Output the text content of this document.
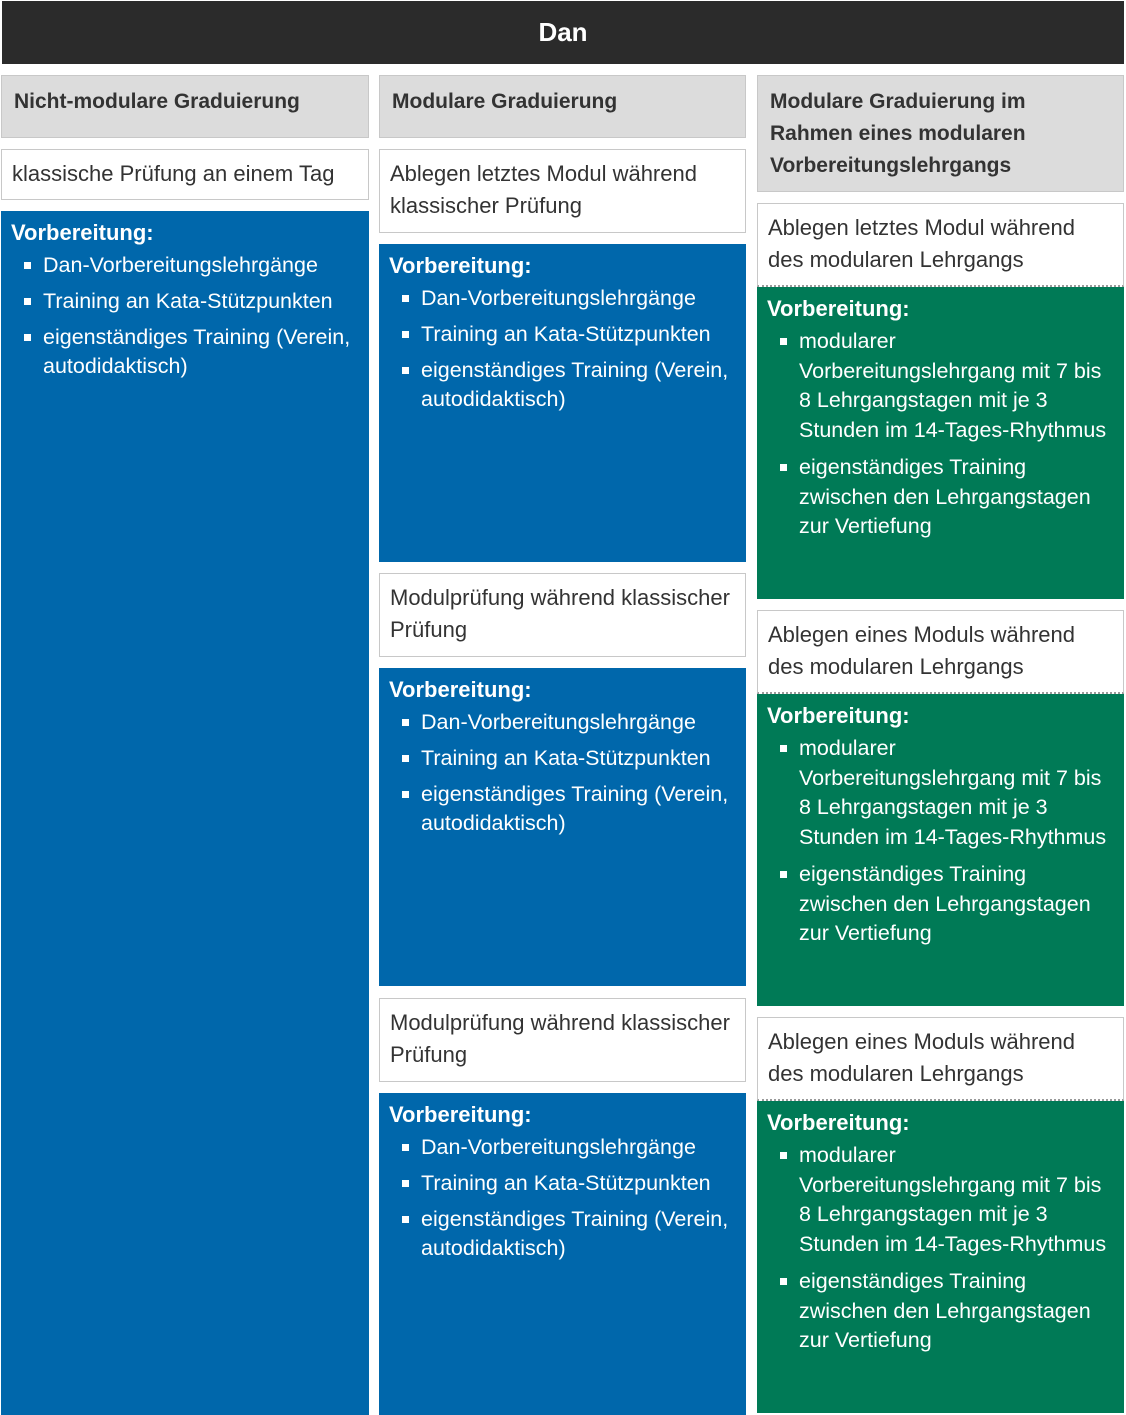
Dan
Nicht-modulare Graduierung
klassische Prüfung an einem Tag
Vorbereitung:
Dan-Vorbereitungslehrgänge
Training an Kata-Stützpunkten
eigenständiges Training (Verein, autodidaktisch)
Modulare Graduierung
Ablegen letztes Modul während klassischer Prüfung
Vorbereitung:
Dan-Vorbereitungslehrgänge
Training an Kata-Stützpunkten
eigenständiges Training (Verein, autodidaktisch)
Modulprüfung während klassischer Prüfung
Vorbereitung:
Dan-Vorbereitungslehrgänge
Training an Kata-Stützpunkten
eigenständiges Training (Verein, autodidaktisch)
Modulprüfung während klassischer Prüfung
Vorbereitung:
Dan-Vorbereitungslehrgänge
Training an Kata-Stützpunkten
eigenständiges Training (Verein, autodidaktisch)
Modulare Graduierung im Rahmen eines modularen Vorbereitungslehrgangs
Ablegen letztes Modul während des modularen Lehrgangs
Vorbereitung:
modularer Vorbereitungslehrgang mit 7 bis 8 Lehrgangstagen mit je 3 Stunden im 14-Tages-Rhythmus
eigenständiges Training zwischen den Lehrgangstagen zur Vertiefung
Ablegen eines Moduls während des modularen Lehrgangs
Vorbereitung:
modularer Vorbereitungslehrgang mit 7 bis 8 Lehrgangstagen mit je 3 Stunden im 14-Tages-Rhythmus
eigenständiges Training zwischen den Lehrgangstagen zur Vertiefung
Ablegen eines Moduls während des modularen Lehrgangs
Vorbereitung:
modularer Vorbereitungslehrgang mit 7 bis 8 Lehrgangstagen mit je 3 Stunden im 14-Tages-Rhythmus
eigenständiges Training zwischen den Lehrgangstagen zur Vertiefung
